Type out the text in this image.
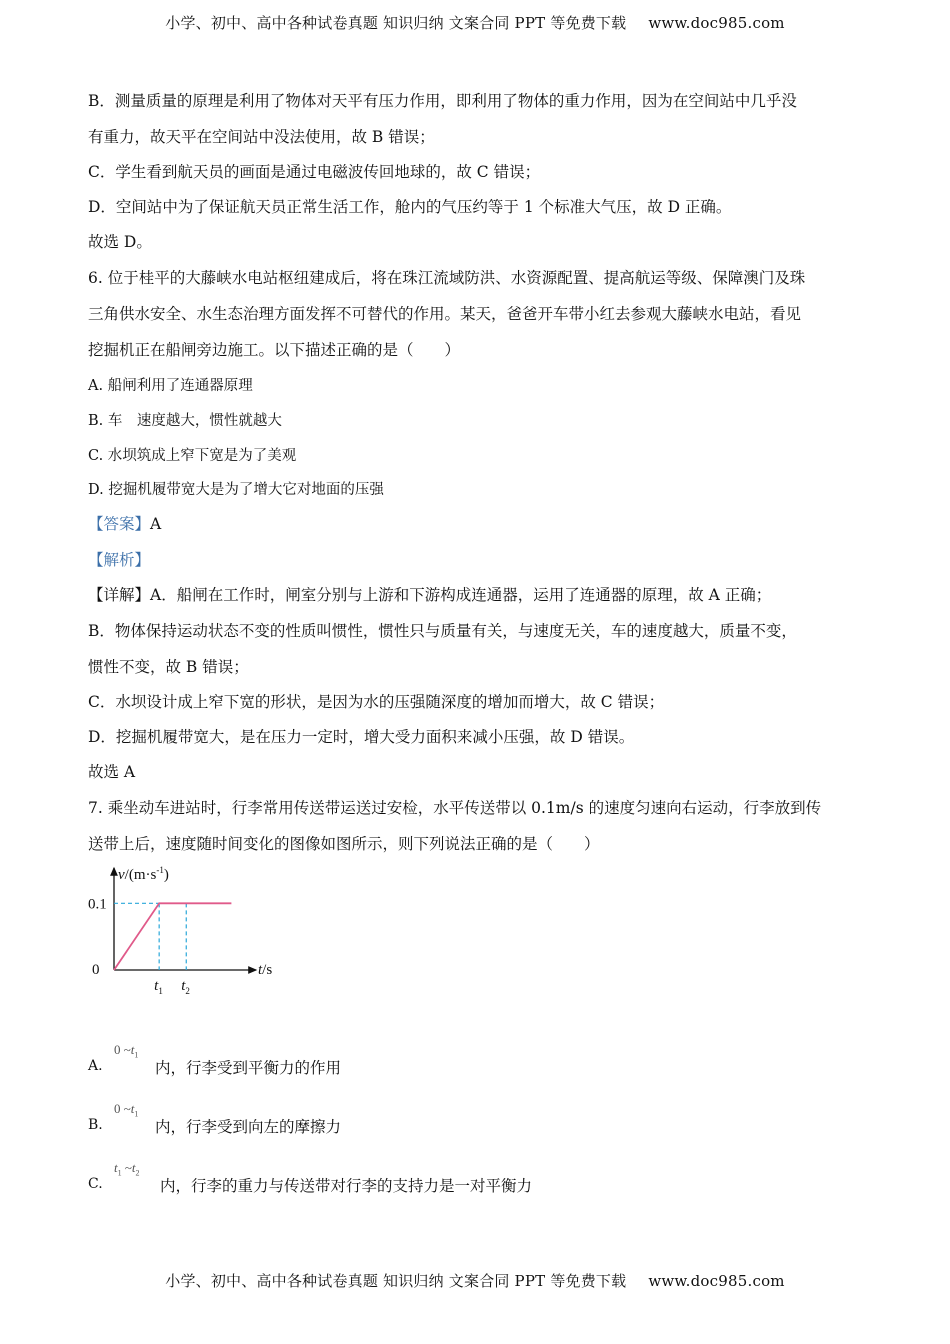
小学、初中、高中各种试卷真题 知识归纳 文案合同 PPT 等免费下载 www.doc985.com
B．测量质量的原理是利用了物体对天平有压力作用，即利用了物体的重力作用，因为在空间站中几乎没
有重力，故天平在空间站中没法使用，故 B 错误；
C．学生看到航天员的画面是通过电磁波传回地球的，故 C 错误；
D．空间站中为了保证航天员正常生活工作，舱内的气压约等于 1 个标准大气压，故 D 正确。
故选 D。
6. 位于桂平的大藤峡水电站枢纽建成后，将在珠江流域防洪、水资源配置、提高航运等级、保障澳门及珠
三角供水安全、水生态治理方面发挥不可替代的作用。某天，爸爸开车带小红去参观大藤峡水电站，看见
挖掘机正在船闸旁边施工。以下描述正确的是（　　）
A. 船闸利用了连通器原理
B. 车　速度越大，惯性就越大
C. 水坝筑成上窄下宽是为了美观
D. 挖掘机履带宽大是为了增大它对地面的压强
【答案】A
【解析】
【详解】A．船闸在工作时，闸室分别与上游和下游构成连通器，运用了连通器的原理，故 A 正确；
B．物体保持运动状态不变的性质叫惯性，惯性只与质量有关，与速度无关，车的速度越大，质量不变，
惯性不变，故 B 错误；
C．水坝设计成上窄下宽的形状，是因为水的压强随深度的增加而增大，故 C 错误；
D．挖掘机履带宽大，是在压力一定时，增大受力面积来减小压强，故 D 错误。
故选 A
7. 乘坐动车进站时，行李常用传送带运送过安检，水平传送带以 0.1m/s 的速度匀速向右运动，行李放到传
送带上后，速度随时间变化的图像如图所示，则下列说法正确的是（　　）
$v/(m\cdot s^{-1})$
0
0.1
$t_1$ $t_2$
t/s
A.
0 $\sim t_1$
内，行李受到平衡力的作用
B.
0 $\sim t_1$
内，行李受到向左的摩擦力
C.
$t_1$ $\sim t_2$
内，行李的重力与传送带对行李的支持力是一对平衡力
小学、初中、高中各种试卷真题 知识归纳 文案合同 PPT 等免费下载 www.doc985.com
